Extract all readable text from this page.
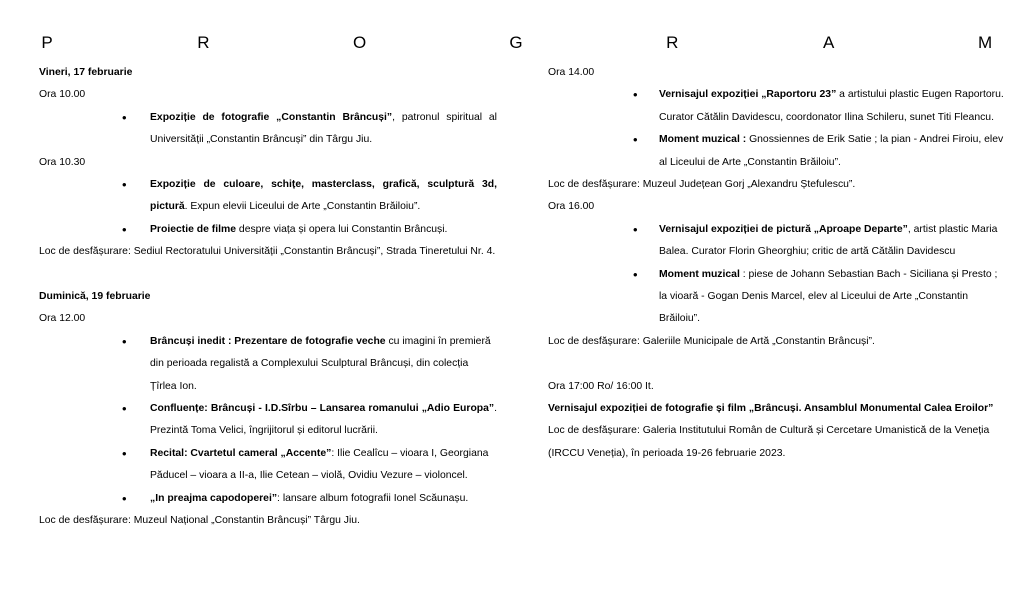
P	R	O	G	R	A	M

Vineri, 17 februarie

Ora 10.00

• Expoziție de fotografie „Constantin Brâncuși”, patronul spiritual al Universității „Constantin Brâncuși” din Târgu Jiu.

Ora 10.30

• Expoziție de culoare, schițe, masterclass, grafică, sculptură 3d, pictură. Expun elevii Liceului de Arte „Constantin Brăiloiu”.

• Proiectie de filme despre viața și opera lui Constantin Brâncuși.

Loc de desfășurare: Sediul Rectoratului Universității „Constantin Brâncuși”, Strada Tineretului Nr. 4.

Duminică, 19 februarie

Ora 12.00

• Brâncuși inedit : Prezentare de fotografie veche cu imagini în premieră din perioada regalistă a Complexului Sculptural Brâncuși, din colecția Țîrlea Ion.

• Confluențe: Brâncuși - I.D.Sîrbu – Lansarea romanului „Adio Europa”. Prezintă Toma Velici, îngrijitorul și editorul lucrării.

• Recital: Cvartetul cameral „Accente”: Ilie Cealîcu – vioara I, Georgiana Păducel – vioara a II-a, Ilie Cetean – violă, Ovidiu Vezure – violoncel.

• „In preajma capodoperei”: lansare album fotografii Ionel Scăunașu.

Loc de desfășurare: Muzeul Național „Constantin Brâncuși” Târgu Jiu.

Ora 14.00

• Vernisajul expoziției „Raportoru 23” a artistului plastic Eugen Raportoru. Curator Cătălin Davidescu, coordonator Ilina Schileru, sunet Titi Fleancu.

• Moment muzical : Gnossiennes de Erik Satie ; la pian - Andrei Firoiu, elev al Liceului de Arte „Constantin Brăiloiu”.

Loc de desfășurare: Muzeul Județean Gorj „Alexandru Ștefulescu”.

Ora 16.00

• Vernisajul expoziției de pictură „Aproape Departe”, artist plastic Maria Balea. Curator Florin Gheorghiu; critic de artă Cătălin Davidescu

• Moment muzical : piese de Johann Sebastian Bach - Siciliana și Presto ; la vioară - Gogan Denis Marcel, elev al Liceului de Arte „Constantin Brăiloiu”.

Loc de desfășurare: Galeriile Municipale de Artă „Constantin Brâncuși”.

Ora 17:00 Ro/ 16:00 It.

Vernisajul expoziției de fotografie și film „Brâncuși. Ansamblul Monumental Calea Eroilor”

Loc de desfășurare: Galeria Institutului Român de Cultură și Cercetare Umanistică de la Veneția (IRCCU Veneția), în perioada 19-26 februarie 2023.
